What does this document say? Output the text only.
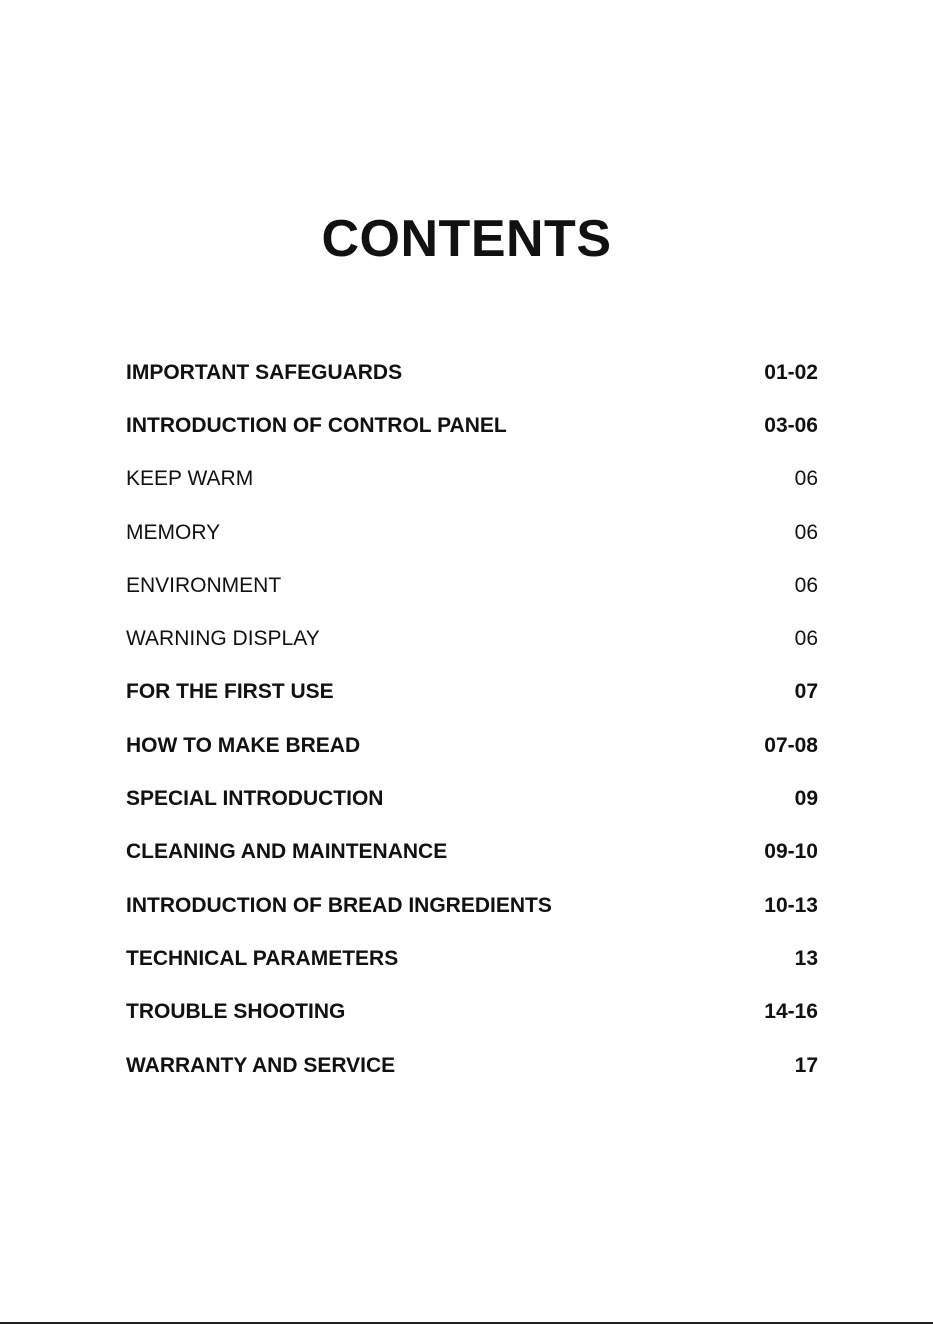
CONTENTS
IMPORTANT SAFEGUARDS	01-02
INTRODUCTION OF CONTROL PANEL	03-06
KEEP WARM	06
MEMORY	06
ENVIRONMENT	06
WARNING DISPLAY	06
FOR THE FIRST USE	07
HOW TO MAKE BREAD	07-08
SPECIAL INTRODUCTION	09
CLEANING AND MAINTENANCE	09-10
INTRODUCTION OF BREAD INGREDIENTS	10-13
TECHNICAL PARAMETERS	13
TROUBLE SHOOTING	14-16
WARRANTY AND SERVICE	17
